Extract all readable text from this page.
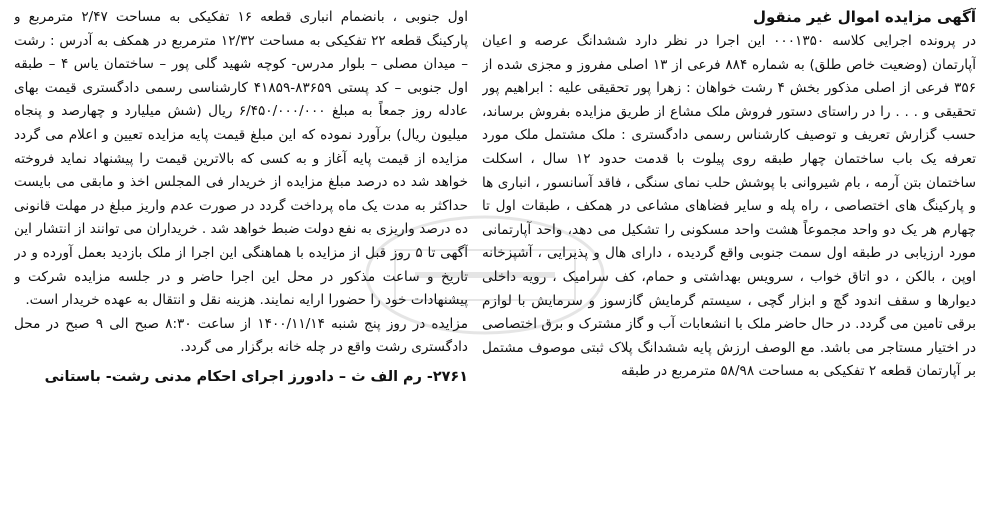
آگهی مزایده اموال غیر منقول

در پرونده اجرایی کلاسه ۰۰۰۱۳۵۰ این اجرا در نظر دارد ششدانگ عرصه و اعیان آپارتمان (وضعیت خاص طلق) به شماره ۸۸۴ فرعی از ۱۳ اصلی مفروز و مجزی شده از ۳۵۶ فرعی از اصلی مذکور بخش ۴ رشت خواهان : زهرا پور تحقیقی علیه : ابراهیم پور تحقیقی و . . . را در راستای دستور فروش ملک مشاع از طریق مزایده بفروش برساند، حسب گزارش تعریف و توصیف کارشناس رسمی دادگستری : ملک مشتمل ملک مورد تعرفه یک باب ساختمان چهار طبقه روی پیلوت با قدمت حدود ۱۲ سال ، اسکلت ساختمان بتن آرمه ، بام شیروانی با پوشش حلب نمای سنگی ، فاقد آسانسور ، انباری ها و پارکینگ های اختصاصی ، راه پله و سایر فضاهای مشاعی در همکف ، طبقات اول تا چهارم هر یک دو واحد مجموعاً هشت واحد مسکونی را تشکیل می دهد، واحد آپارتمانی مورد ارزیابی در طبقه اول سمت جنوبی واقع گردیده ، دارای هال و پذیرایی ، آشپزخانه اوپن ، بالکن ، دو اتاق خواب ، سرویس بهداشتی و حمام، کف سرامیک ، رویه داخلی دیوارها و سقف اندود گچ و ابزار گچی ، سیستم گرمایش گازسوز و سرمایش با لوازم برقی تامین می گردد. در حال حاضر ملک با انشعابات آب و گاز مشترک و برق اختصاصی در اختیار مستاجر می باشد. مع الوصف ارزش پایه ششدانگ پلاک ثبتی موصوف مشتمل بر آپارتمان قطعه ۲ تفکیکی به مساحت ۵۸/۹۸ مترمربع در طبقه

اول جنوبی ، بانضمام انباری قطعه ۱۶ تفکیکی به مساحت ۲/۴۷ مترمربع و پارکینگ قطعه ۲۲ تفکیکی به مساحت ۱۲/۳۲ مترمربع در همکف به آدرس : رشت – میدان مصلی – بلوار مدرس- کوچه شهید گلی پور – ساختمان یاس ۴ – طبقه اول جنوبی – کد پستی ۸۳۶۵۹-۴۱۸۵۹ کارشناسی رسمی دادگستری قیمت بهای عادله روز جمعاً به مبلغ ۶/۴۵۰/۰۰۰/۰۰۰ ریال (شش میلیارد و چهارصد و پنجاه میلیون ریال) برآورد نموده که این مبلغ قیمت پایه مزایده تعیین و اعلام می گردد مزایده از قیمت پایه آغاز و به کسی که بالاترین قیمت را پیشنهاد نماید فروخته خواهد شد ده درصد مبلغ مزایده از خریدار فی المجلس اخذ و مابقی می بایست حداکثر به مدت یک ماه پرداخت گردد در صورت عدم واریز مبلغ در مهلت قانونی ده درصد واریزی به نفع دولت ضبط خواهد شد . خریداران می توانند از انتشار این آگهی تا ۵ روز قبل از مزایده با هماهنگی این اجرا از ملک بازدید بعمل آورده و در تاریخ و ساعت مذکور در محل این اجرا حاضر و در جلسه مزایده شرکت و پیشنهادات خود را حضورا ارایه نمایند. هزینه نقل و انتقال به عهده خریدار است.

مزایده در روز پنج شنبه ۱۴۰۰/۱۱/۱۴ از ساعت ۸:۳۰ صبح الی ۹ صبح در محل دادگستری رشت واقع در چله خانه برگزار می گردد.

۲۷۶۱- رم الف ث – دادورز اجرای احکام مدنی رشت- باستانی
